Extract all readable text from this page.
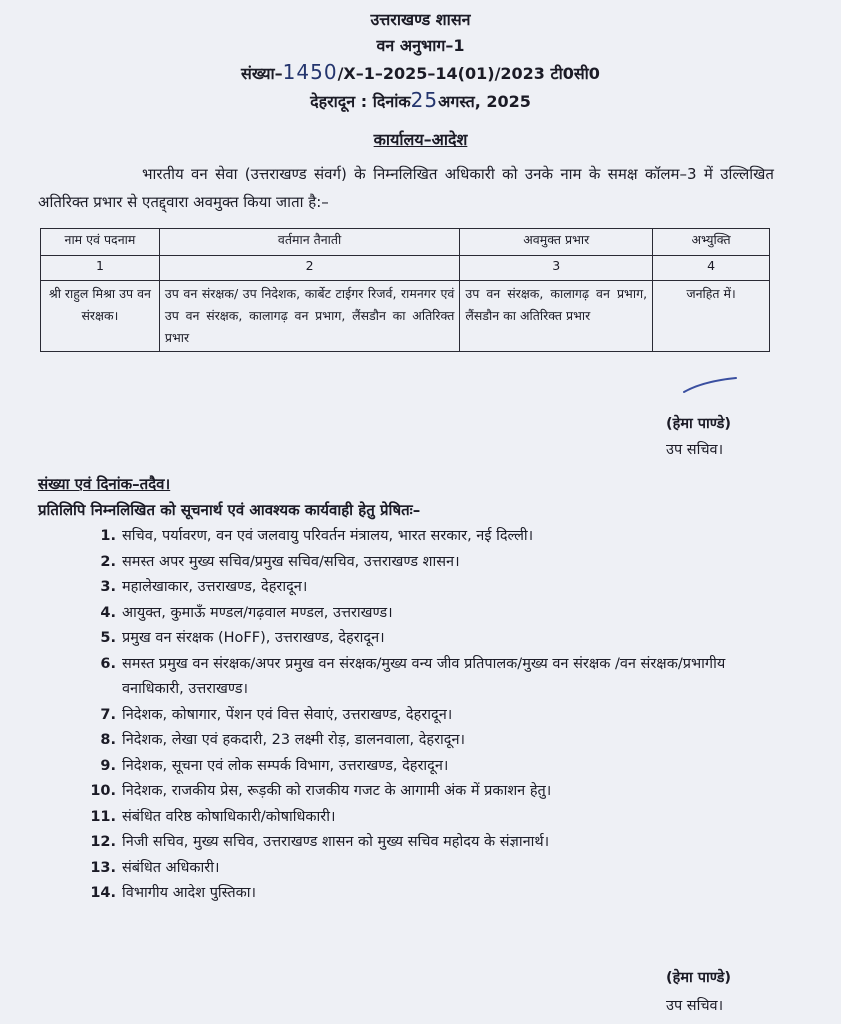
उत्तराखण्ड शासन
वन अनुभाग–1
संख्या–1450/X–1–2025–14(01)/2023 टी0सी0
देहरादून : दिनांक25अगस्त, 2025
कार्यालय–आदेश
भारतीय वन सेवा (उत्तराखण्ड संवर्ग) के निम्नलिखित अधिकारी को उनके नाम के समक्ष कॉलम–3 में उल्लिखित अतिरिक्त प्रभार से एतद्द्वारा अवमुक्त किया जाता है:–
नाम एवं पदनाम	वर्तमान तैनाती	अवमुक्त प्रभार	अभ्युक्ति
1	2	3	4
श्री राहुल मिश्रा उप वन संरक्षक।	उप वन संरक्षक/ उप निदेशक, कार्बेट टाईगर रिजर्व, रामनगर एवं उप वन संरक्षक, कालागढ़ वन प्रभाग, लैंसडौन का अतिरिक्त प्रभार	उप वन संरक्षक, कालागढ़ वन प्रभाग, लैंसडौन का अतिरिक्त प्रभार	जनहित में।
(हेमा पाण्डे)
उप सचिव।
संख्या एवं दिनांक–तदैव।
प्रतिलिपि निम्नलिखित को सूचनार्थ एवं आवश्यक कार्यवाही हेतु प्रेषितः–
1. सचिव, पर्यावरण, वन एवं जलवायु परिवर्तन मंत्रालय, भारत सरकार, नई दिल्ली।
2. समस्त अपर मुख्य सचिव/प्रमुख सचिव/सचिव, उत्तराखण्ड शासन।
3. महालेखाकार, उत्तराखण्ड, देहरादून।
4. आयुक्त, कुमाऊँ मण्डल/गढ़वाल मण्डल, उत्तराखण्ड।
5. प्रमुख वन संरक्षक (HoFF), उत्तराखण्ड, देहरादून।
6. समस्त प्रमुख वन संरक्षक/अपर प्रमुख वन संरक्षक/मुख्य वन्य जीव प्रतिपालक/मुख्य वन संरक्षक /वन संरक्षक/प्रभागीय वनाधिकारी, उत्तराखण्ड।
7. निदेशक, कोषागार, पेंशन एवं वित्त सेवाएं, उत्तराखण्ड, देहरादून।
8. निदेशक, लेखा एवं हकदारी, 23 लक्ष्मी रोड़, डालनवाला, देहरादून।
9. निदेशक, सूचना एवं लोक सम्पर्क विभाग, उत्तराखण्ड, देहरादून।
10. निदेशक, राजकीय प्रेस, रूड़की को राजकीय गजट के आगामी अंक में प्रकाशन हेतु।
11. संबंधित वरिष्ठ कोषाधिकारी/कोषाधिकारी।
12. निजी सचिव, मुख्य सचिव, उत्तराखण्ड शासन को मुख्य सचिव महोदय के संज्ञानार्थ।
13. संबंधित अधिकारी।
14. विभागीय आदेश पुस्तिका।
(हेमा पाण्डे)
उप सचिव।
